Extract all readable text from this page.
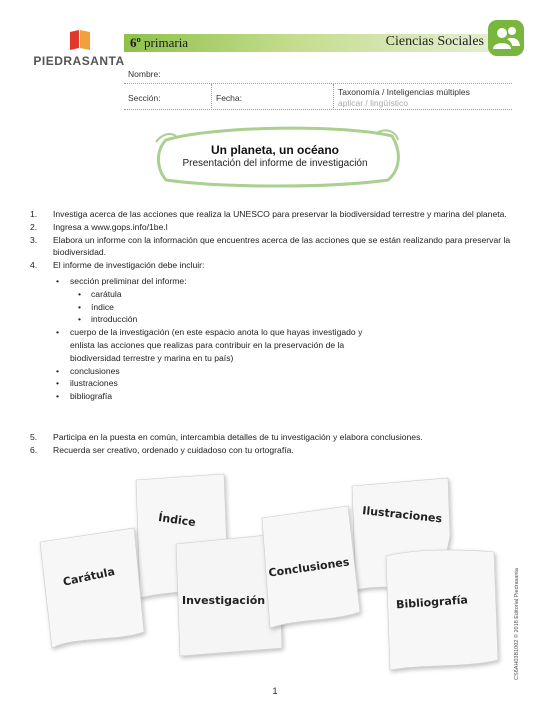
PIEDRASANTA
6º primaria	Ciencias Sociales
Nombre:
Sección:	Fecha:
Taxonomía / Inteligencias múltiples
aplicar / lingüístico
Un planeta, un océano
Presentación del informe de investigación
1. Investiga acerca de las acciones que realiza la UNESCO para preservar la biodiversidad terrestre y marina del planeta.
2. Ingresa a www.gops.info/1be.l
3. Elabora un informe con la información que encuentres acerca de las acciones que se están realizando para preservar la biodiversidad.
4. El informe de investigación debe incluir:
• sección preliminar del informe:
• carátula
• índice
• introducción
• cuerpo de la investigación (en este espacio anota lo que hayas investigado y enlista las acciones que realizas para contribuir en la preservación de la biodiversidad terrestre y marina en tu país)
• conclusiones
• ilustraciones
• bibliografía
5. Participa en la puesta en común, intercambia detalles de tu investigación y elabora conclusiones.
6. Recuerda ser creativo, ordenado y cuidadoso con tu ortografía.
Índice	Ilustraciones
Carátula
Investigación
Conclusiones
Bibliografía	CS6AH03B1002 © 2018 Editorial Piedrasanta
1
